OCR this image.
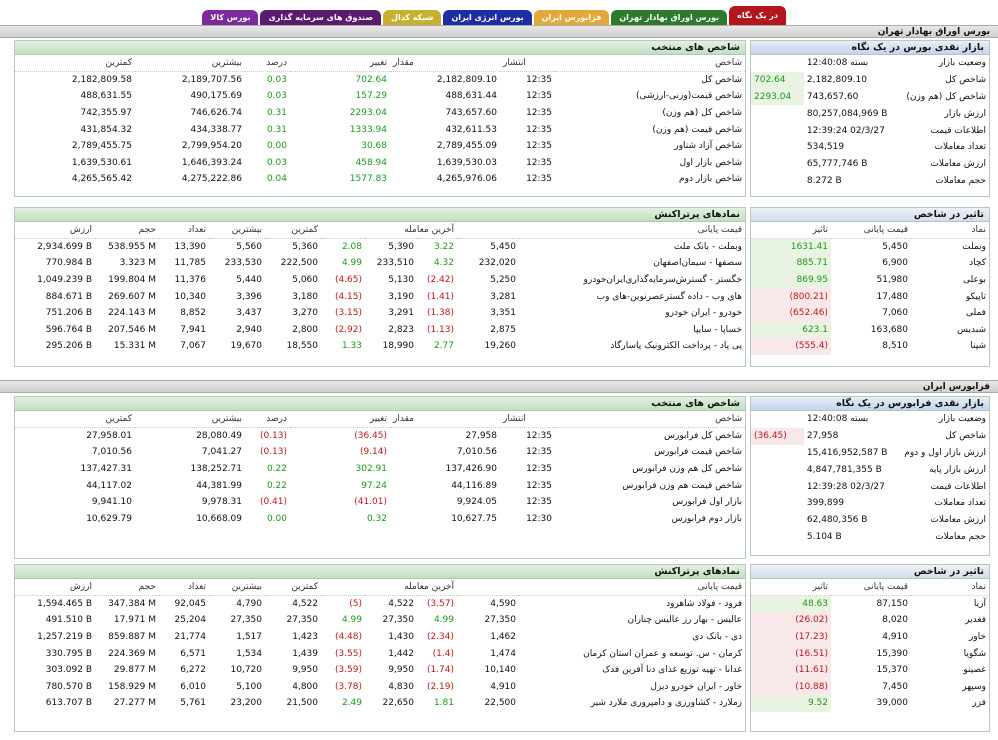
در یک نگاه
بورس اوراق بهادار تهران
فرابورس ایران
بورس انرژی ایران
شبکه کدال
صندوق های سرمایه گذاری
بورس کالا
بورس اوراق بهادار تهران
فرابورس ایران
بازار نقدی بورس در یک نگاه
	بسته 12:40:08	وضعیت بازار
702.64	2,182,809.10	شاخص کل
2293.04	743,657.60	شاخص کل (هم وزن)
	80,257,084,969 B	ارزش بازار
	12:39:24 02/3/27	اطلاعات قیمت
	534,519	تعداد معاملات
	65,777,746 B	ارزش معاملات
	8.272 B	حجم معاملات
شاخص های منتخب
کمترین	بیشترین	درصد	تغییر	مقدار	انتشار	شاخص
2,182,809.58	2,189,707.56	0.03	702.64	2,182,809.10	12:35	شاخص کل
488,631.55	490,175.69	0.03	157.29	488,631.44	12:35	شاخص قیمت(وزنی-ارزشی)
742,355.97	746,626.74	0.31	2293.04	743,657.60	12:35	شاخص کل (هم وزن)
431,854.32	434,338.77	0.31	1333.94	432,611.53	12:35	شاخص قیمت (هم وزن)
2,789,455.75	2,799,954.20	0.00	30.68	2,789,455.09	12:35	شاخص آزاد شناور
1,639,530.61	1,646,393.24	0.03	458.94	1,639,530.03	12:35	شاخص بازار اول
4,265,565.42	4,275,222.86	0.04	1577.83	4,265,976.06	12:35	شاخص بازار دوم
تاثیر در شاخص
تاثیر	قیمت پایانی	نماد
1631.41	5,450	وبملت
885.71	6,900	کچاد
869.95	51,980	بوعلی
(800.21)	17,480	تاپیکو
(652.46)	7,060	فملی
623.1	163,680	شبدیس
(555.4)	8,510	شپنا
نمادهای پرتراکنش
ارزش	حجم	تعداد	بیشترین	کمترین	آخرین معامله			قیمت پایانی		
2,934.699 B	538.955 M	13,390	5,560	5,360	2.08	5,390	3.22	5,450	وبملت - بانک ملت	
770.984 B	3.323 M	11,785	233,530	222,500	4.99	233,510	4.32	232,020	سصفها - سیمان‌اصفهان	
1,049.239 B	199.804 M	11,376	5,440	5,060	(4.65)	5,130	(2.42)	5,250	خگستر - گسترش‌سرمایه‌گذاری‌ایران‌خودرو	
884.671 B	269.607 M	10,340	3,396	3,180	(4.15)	3,190	(1.41)	3,281	های وب - داده گسترعصرنوین-های وب	
751.206 B	224.143 M	8,852	3,437	3,270	(3.15)	3,291	(1.38)	3,351	خودرو - ایران خودرو	
596.764 B	207.546 M	7,941	2,940	2,800	(2.92)	2,823	(1.13)	2,875	خساپا - سایپا	
295.206 B	15.331 M	7,067	19,670	18,550	1.33	18,990	2.77	19,260	پی پاد - پرداخت الکترونیک پاسارگاد	
بازار نقدی فرابورس در یک نگاه
	بسته 12:40:08	وضعیت بازار
(36.45)	27,958	شاخص کل
	15,416,952,587 B	ارزش بازار اول و دوم
	4,847,781,355 B	ارزش بازار پایه
	12:39:28 02/3/27	اطلاعات قیمت
	399,899	تعداد معاملات
	62,480,356 B	ارزش معاملات
	5.104 B	حجم معاملات
شاخص های منتخب
کمترین	بیشترین	درصد	تغییر	مقدار	انتشار	شاخص
27,958.01	28,080.49	(0.13)	(36.45)	27,958	12:35	شاخص کل فرابورس
7,010.56	7,041.27	(0.13)	(9.14)	7,010.56	12:35	شاخص قیمت فرابورس
137,427.31	138,252.71	0.22	302.91	137,426.90	12:35	شاخص کل هم وزن فرابورس
44,117.02	44,381.99	0.22	97.24	44,116.89	12:35	شاخص قیمت هم وزن فرابورس
9,941.10	9,978.31	(0.41)	(41.01)	9,924.05	12:35	بازار اول فرابورس
10,629.79	10,668.09	0.00	0.32	10,627.75	12:30	بازار دوم فرابورس
تاثیر در شاخص
تاثیر	قیمت پایانی	نماد
48.63	87,150	آریا
(26.02)	8,020	فغدیر
(17.23)	4,910	خاور
(16.51)	15,390	شگویا
(11.61)	15,370	غصینو
(10.88)	7,450	وسپهر
9.52	39,000	فزر
نمادهای پرتراکنش
ارزش	حجم	تعداد	بیشترین	کمترین	آخرین معامله			قیمت پایانی		
1,594.465 B	347.384 M	92,045	4,790	4,522	(5)	4,522	(3.57)	4,590	فرود - فولاد شاهرود	
491.510 B	17.971 M	25,204	27,350	27,350	4.99	27,350	4.99	27,350	عالیس - بهار رز عالیس چناران	
1,257.219 B	859.887 M	21,774	1,517	1,423	(4.48)	1,430	(2.34)	1,462	دی - بانک دی	
330.795 B	224.369 M	6,571	1,534	1,439	(3.55)	1,442	(1.4)	1,474	کرمان - س. توسعه و عمران استان کرمان	
303.092 B	29.877 M	6,272	10,720	9,950	(3.59)	9,950	(1.74)	10,140	غدانا - تهیه توزیع غذای دنا آفرین فدک	
780.570 B	158.929 M	6,010	5,100	4,800	(3.78)	4,830	(2.19)	4,910	خاور - ایران خودرو دیزل	
613.707 B	27.277 M	5,761	23,200	21,500	2.49	22,650	1.81	22,500	زملارد - کشاورزی و دامپروری ملارد شیر	
